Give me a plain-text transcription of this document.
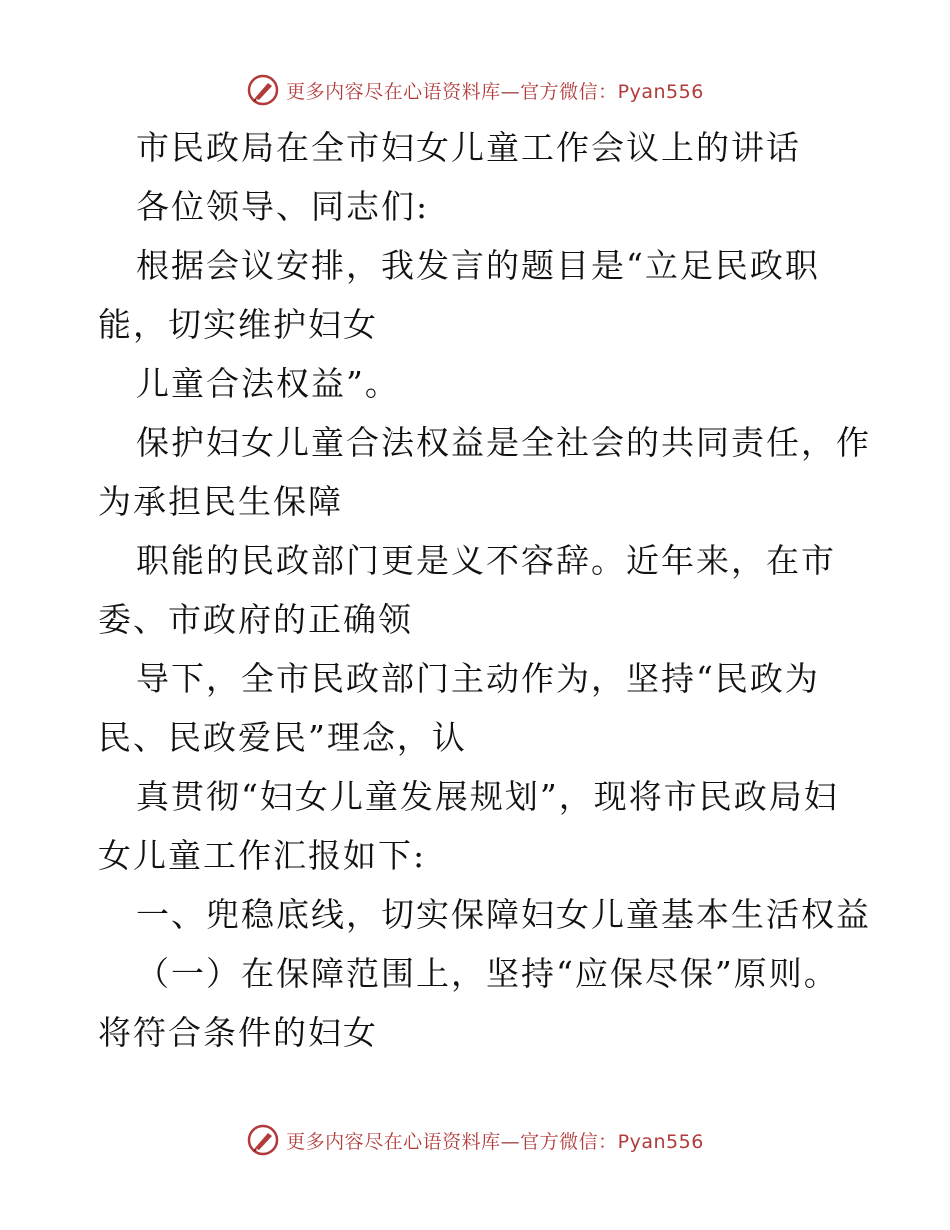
更多内容尽在心语资料库—官方微信：Pyan556
市民政局在全市妇女儿童工作会议上的讲话
各位领导、同志们:
根据会议安排，我发言的题目是“立足民政职
能，切实维护妇女
儿童合法权益”。
保护妇女儿童合法权益是全社会的共同责任，作
为承担民生保障
职能的民政部门更是义不容辞。近年来，在市
委、市政府的正确领
导下，全市民政部门主动作为，坚持“民政为
民、民政爱民”理念，认
真贯彻“妇女儿童发展规划”，现将市民政局妇
女儿童工作汇报如下:
一、兜稳底线，切实保障妇女儿童基本生活权益
（一）在保障范围上，坚持“应保尽保”原则。
将符合条件的妇女
更多内容尽在心语资料库—官方微信：Pyan556
